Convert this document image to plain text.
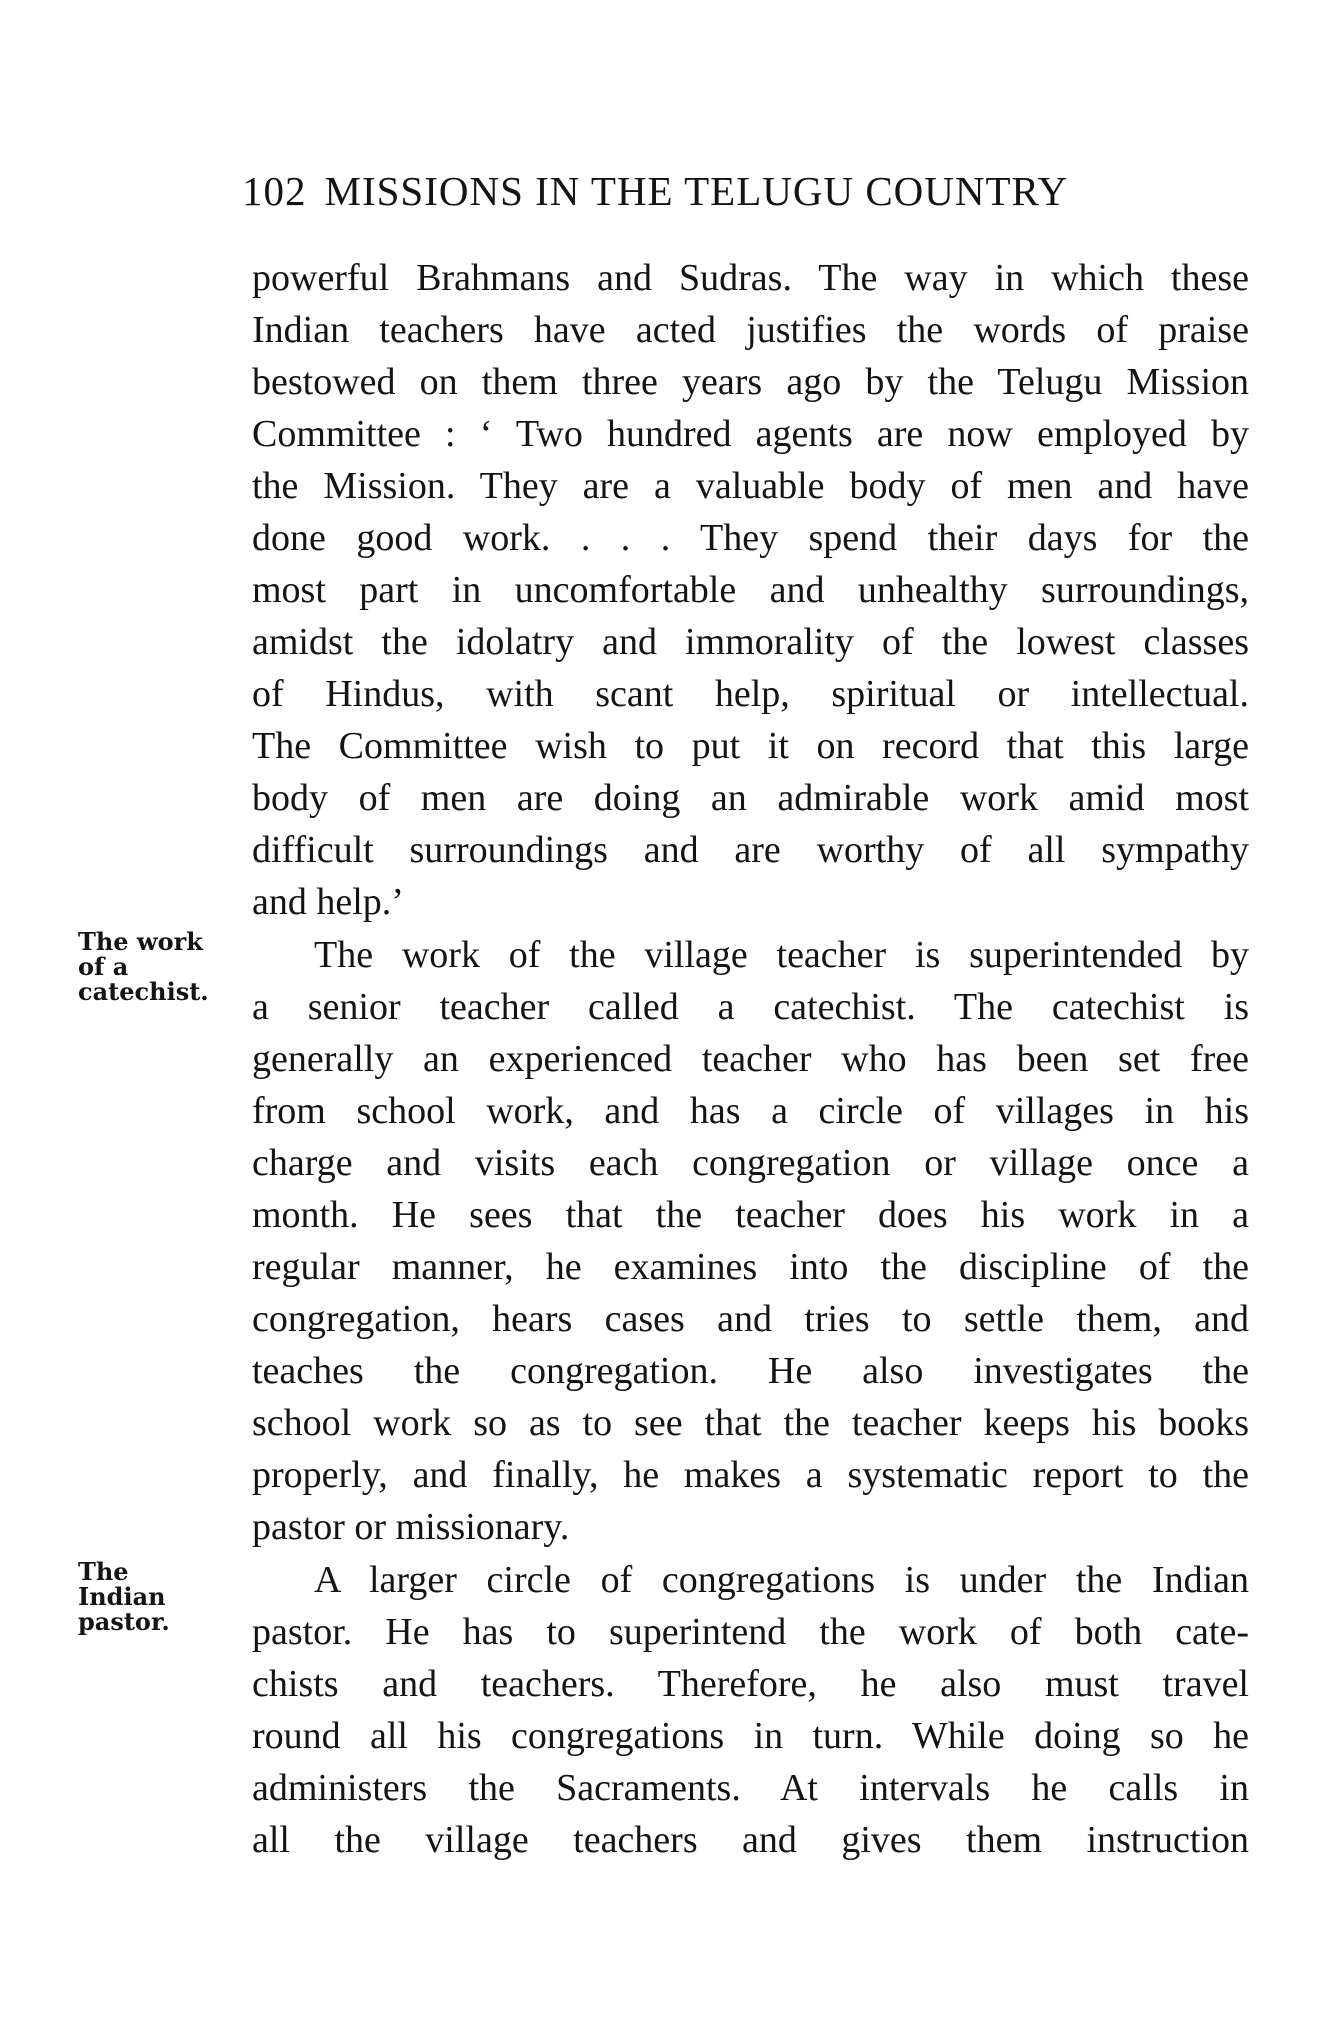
102 MISSIONS IN THE TELUGU COUNTRY
The work
of a
catechist.
The
Indian
pastor.
powerful Brahmans and Sudras. The way in which these
Indian teachers have acted justifies the words of praise
bestowed on them three years ago by the Telugu Mission
Committee : ‘ Two hundred agents are now employed by
the Mission. They are a valuable body of men and have
done good work. . . . They spend their days for the
most part in uncomfortable and unhealthy surroundings,
amidst the idolatry and immorality of the lowest classes
of Hindus, with scant help, spiritual or intellectual.
The Committee wish to put it on record that this large
body of men are doing an admirable work amid most
difficult surroundings and are worthy of all sympathy
and help.’
The work of the village teacher is superintended by
a senior teacher called a catechist. The catechist is
generally an experienced teacher who has been set free
from school work, and has a circle of villages in his
charge and visits each congregation or village once a
month. He sees that the teacher does his work in a
regular manner, he examines into the discipline of the
congregation, hears cases and tries to settle them, and
teaches the congregation. He also investigates the
school work so as to see that the teacher keeps his books
properly, and finally, he makes a systematic report to the
pastor or missionary.
A larger circle of congregations is under the Indian
pastor. He has to superintend the work of both cate-
chists and teachers. Therefore, he also must travel
round all his congregations in turn. While doing so he
administers the Sacraments. At intervals he calls in
all the village teachers and gives them instruction
